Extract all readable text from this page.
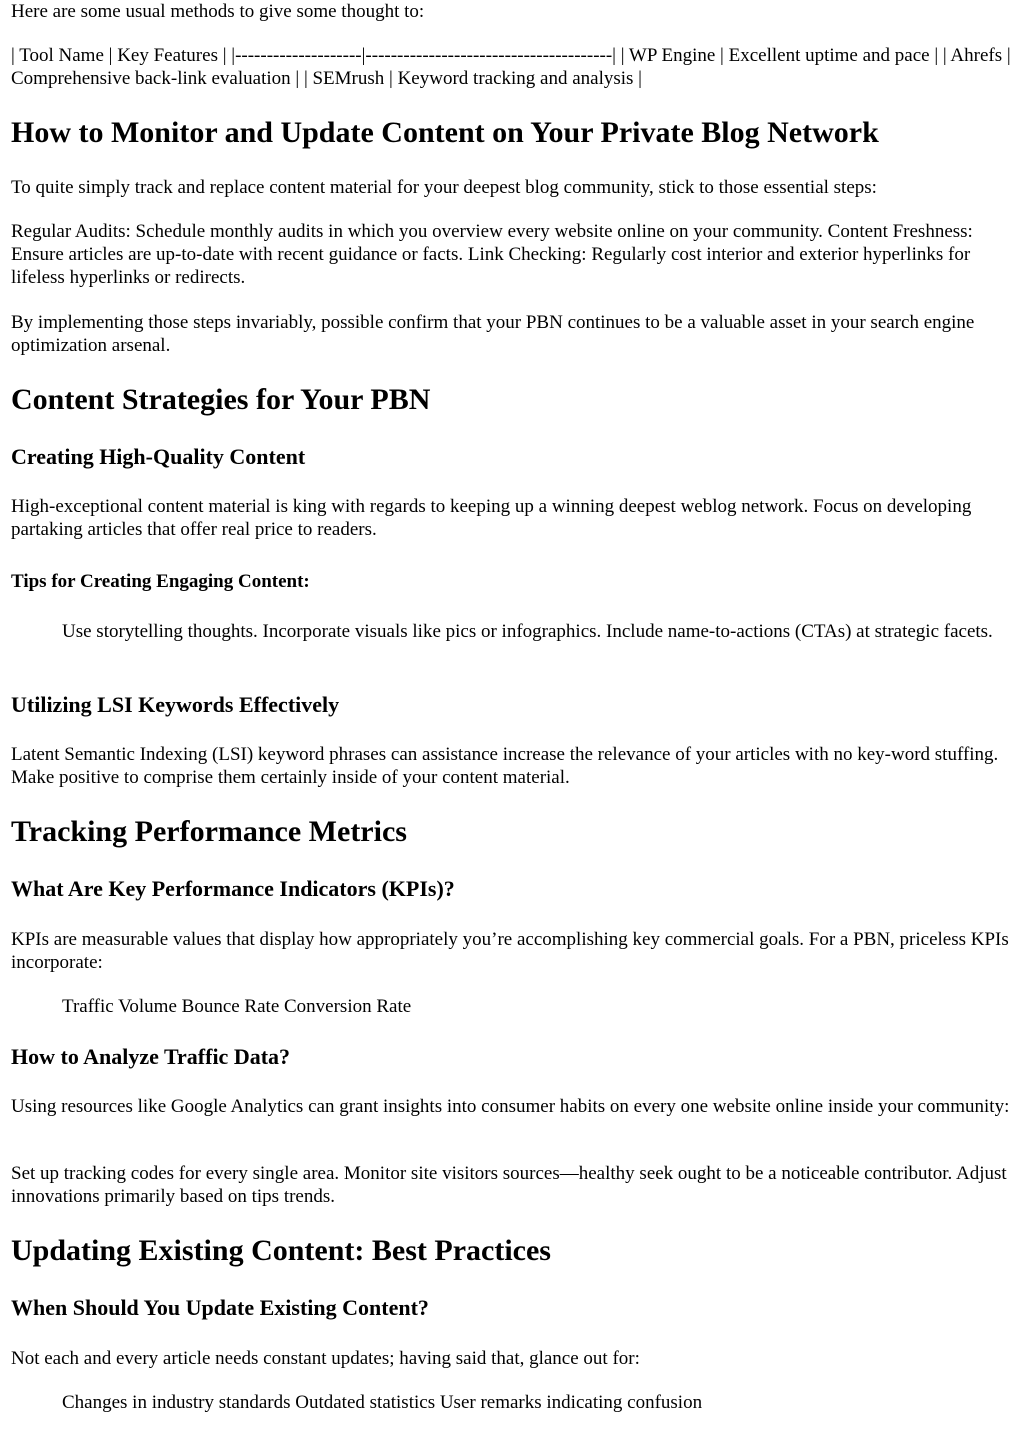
Here are some usual methods to give some thought to:

| Tool Name | Key Features | |--------------------|---------------------------------------| | WP Engine | Excellent uptime and pace | | Ahrefs | Comprehensive back-link evaluation | | SEMrush | Keyword tracking and analysis |

How to Monitor and Update Content on Your Private Blog Network

To quite simply track and replace content material for your deepest blog community, stick to those essential steps:

Regular Audits: Schedule monthly audits in which you overview every website online on your community. Content Freshness: Ensure articles are up-to-date with recent guidance or facts. Link Checking: Regularly cost interior and exterior hyperlinks for lifeless hyperlinks or redirects.

By implementing those steps invariably, possible confirm that your PBN continues to be a valuable asset in your search engine optimization arsenal.

Content Strategies for Your PBN
Creating High-Quality Content

High-exceptional content material is king with regards to keeping up a winning deepest weblog network. Focus on developing partaking articles that offer real price to readers.

Tips for Creating Engaging Content:

Use storytelling thoughts. Incorporate visuals like pics or infographics. Include name-to-actions (CTAs) at strategic facets.

Utilizing LSI Keywords Effectively

Latent Semantic Indexing (LSI) keyword phrases can assistance increase the relevance of your articles with no key-word stuffing. Make positive to comprise them certainly inside of your content material.

Tracking Performance Metrics
What Are Key Performance Indicators (KPIs)?

KPIs are measurable values that display how appropriately you’re accomplishing key commercial goals. For a PBN, priceless KPIs incorporate:

Traffic Volume Bounce Rate Conversion Rate

How to Analyze Traffic Data?

Using resources like Google Analytics can grant insights into consumer habits on every one website online inside your community:

Set up tracking codes for every single area. Monitor site visitors sources—healthy seek ought to be a noticeable contributor. Adjust innovations primarily based on tips trends.

Updating Existing Content: Best Practices
When Should You Update Existing Content?

Not each and every article needs constant updates; having said that, glance out for:

Changes in industry standards Outdated statistics User remarks indicating confusion
